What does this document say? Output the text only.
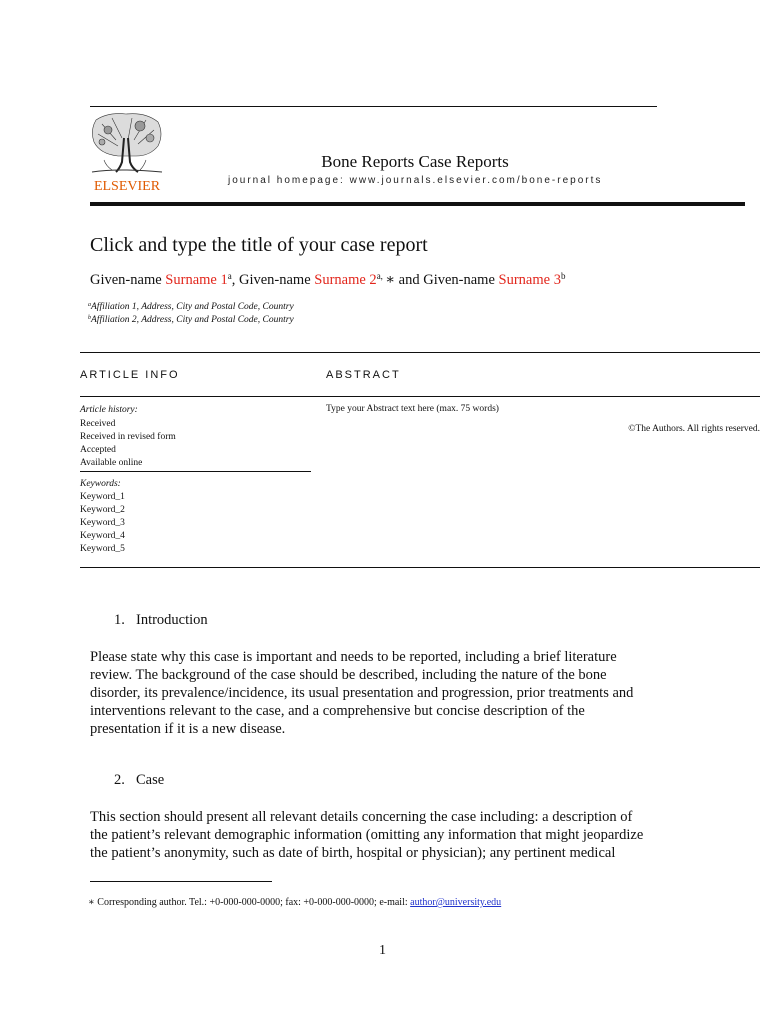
ELSEVIER
Bone Reports Case Reports
journal homepage: www.journals.elsevier.com/bone-reports
Click and type the title of your case report
Given-name Surname 1$^a$, Given-name Surname $2^{a,}$ ∗ and Given-name Surname 3$^b$
$^a$Affiliation 1, Address, City and Postal Code, Country
$^b$Affiliation 2, Address, City and Postal Code, Country
ARTICLE INFO	ABSTRACT
Article history:
Received
Received in revised form
Accepted
Available online
Keywords:
Keyword_1
Keyword_2
Keyword_3
Keyword_4
Keyword_5
Type your Abstract text here (max. 75 words)
©The Authors. All rights reserved.
1. Introduction
Please state why this case is important and needs to be reported, including a brief literature
review. The background of the case should be described, including the nature of the bone
disorder, its prevalence/incidence, its usual presentation and progression, prior treatments and
interventions relevant to the case, and a comprehensive but concise description of the
presentation if it is a new disease.
2. Case
This section should present all relevant details concerning the case including: a description of
the patient’s relevant demographic information (omitting any information that might jeopardize
the patient’s anonymity, such as date of birth, hospital or physician); any pertinent medical
∗ Corresponding author. Tel.: +0-000-000-0000; fax: +0-000-000-0000; e-mail: author@university.edu
1
